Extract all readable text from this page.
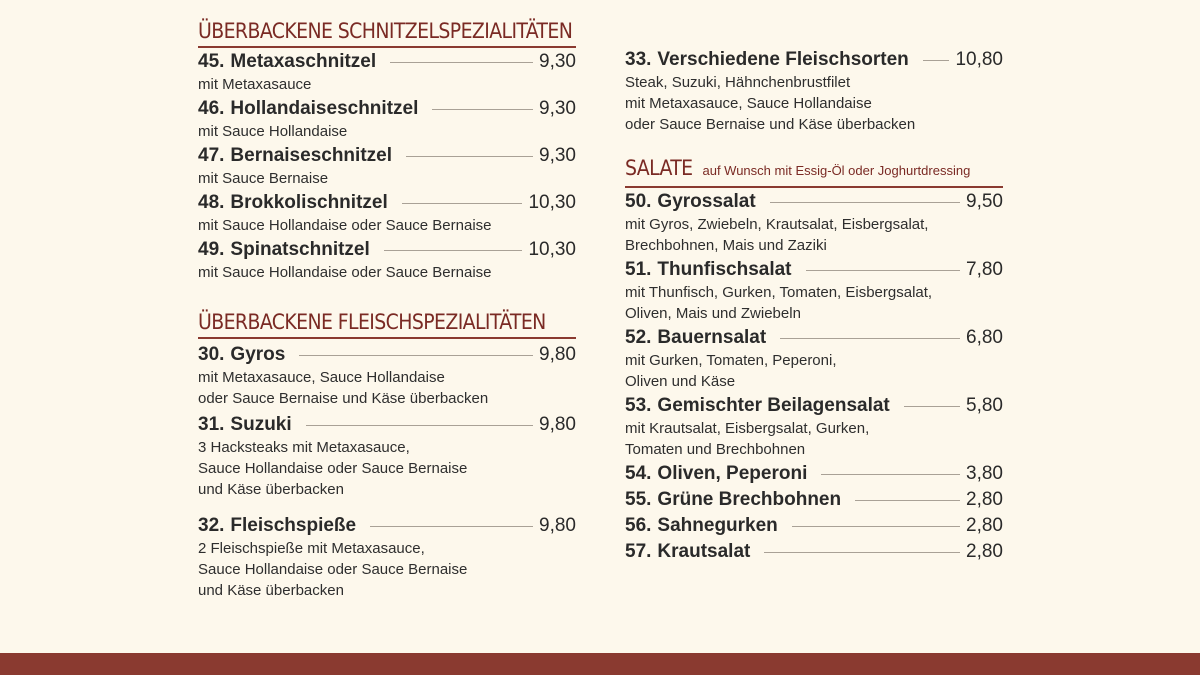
ÜBERBACKENE SCHNITZELSPEZIALITÄTEN
45. Metaxaschnitzel	9,30
mit Metaxasauce
46. Hollandaiseschnitzel	9,30
mit Sauce Hollandaise
47. Bernaiseschnitzel	9,30
mit Sauce Bernaise
48. Brokkolischnitzel	10,30
mit Sauce Hollandaise oder Sauce Bernaise
49. Spinatschnitzel	10,30
mit Sauce Hollandaise oder Sauce Bernaise
ÜBERBACKENE FLEISCHSPEZIALITÄTEN
30. Gyros	9,80
mit Metaxasauce, Sauce Hollandaise
oder Sauce Bernaise und Käse überbacken
31. Suzuki	9,80
3 Hacksteaks mit Metaxasauce,
Sauce Hollandaise oder Sauce Bernaise
und Käse überbacken
32. Fleischspieße	9,80
2 Fleischspieße mit Metaxasauce,
Sauce Hollandaise oder Sauce Bernaise
und Käse überbacken
33. Verschiedene Fleischsorten 10,80
Steak, Suzuki, Hähnchenbrustfilet
mit Metaxasauce, Sauce Hollandaise
oder Sauce Bernaise und Käse überbacken
SALATE auf Wunsch mit Essig-Öl oder Joghurtdressing
50. Gyrossalat	9,50
mit Gyros, Zwiebeln, Krautsalat, Eisbergsalat,
Brechbohnen, Mais und Zaziki
51. Thunfischsalat	7,80
mit Thunfisch, Gurken, Tomaten, Eisbergsalat,
Oliven, Mais und Zwiebeln
52. Bauernsalat	6,80
mit Gurken, Tomaten, Peperoni,
Oliven und Käse
53. Gemischter Beilagensalat	5,80
mit Krautsalat, Eisbergsalat, Gurken,
Tomaten und Brechbohnen
54. Oliven, Peperoni	3,80
55. Grüne Brechbohnen	2,80
56. Sahnegurken	2,80
57. Krautsalat	2,80
